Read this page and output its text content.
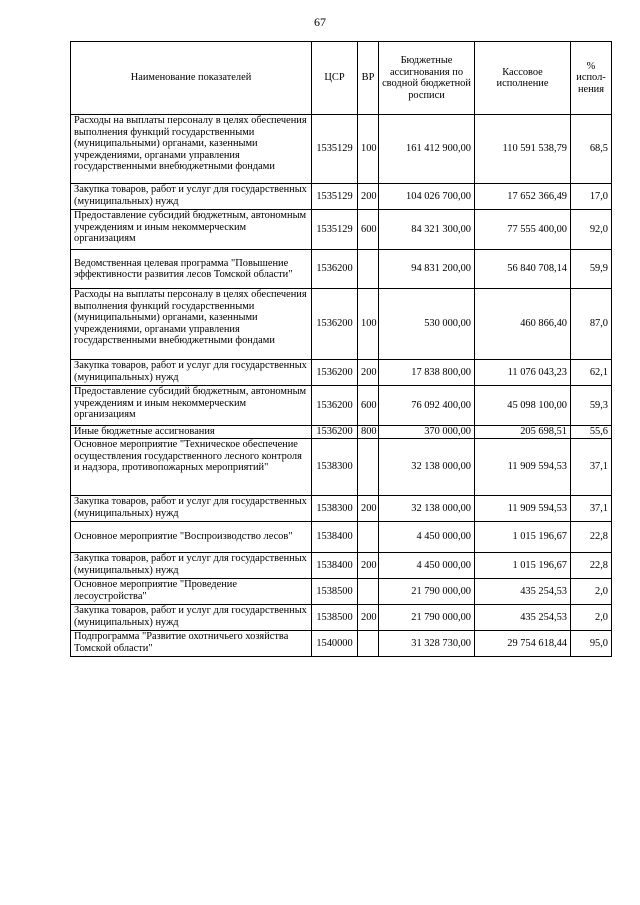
67
Наименование показателей	ЦСР	ВР	Бюджетные ассигнования по сводной бюджетной росписи	Кассовое исполнение	% испол-нения
Расходы на выплаты персоналу в целях обеспечения выполнения функций государственными (муниципальными) органами, казенными учреждениями, органами управления государственными внебюджетными фондами	1535129	100	161 412 900,00	110 591 538,79	68,5
Закупка товаров, работ и услуг для государственных (муниципальных) нужд	1535129	200	104 026 700,00	17 652 366,49	17,0
Предоставление субсидий бюджетным, автономным учреждениям и иным некоммерческим организациям	1535129	600	84 321 300,00	77 555 400,00	92,0
Ведомственная целевая программа "Повышение эффективности развития лесов Томской области"	1536200		94 831 200,00	56 840 708,14	59,9
Расходы на выплаты персоналу в целях обеспечения выполнения функций государственными (муниципальными) органами, казенными учреждениями, органами управления государственными внебюджетными фондами	1536200	100	530 000,00	460 866,40	87,0
Закупка товаров, работ и услуг для государственных (муниципальных) нужд	1536200	200	17 838 800,00	11 076 043,23	62,1
Предоставление субсидий бюджетным, автономным учреждениям и иным некоммерческим организациям	1536200	600	76 092 400,00	45 098 100,00	59,3
Иные бюджетные ассигнования	1536200	800	370 000,00	205 698,51	55,6
Основное мероприятие "Техническое обеспечение осуществления государственного лесного контроля и надзора, противопожарных мероприятий"	1538300		32 138 000,00	11 909 594,53	37,1
Закупка товаров, работ и услуг для государственных (муниципальных) нужд	1538300	200	32 138 000,00	11 909 594,53	37,1
Основное мероприятие "Воспроизводство лесов"	1538400		4 450 000,00	1 015 196,67	22,8
Закупка товаров, работ и услуг для государственных (муниципальных) нужд	1538400	200	4 450 000,00	1 015 196,67	22,8
Основное мероприятие "Проведение лесоустройства"	1538500		21 790 000,00	435 254,53	2,0
Закупка товаров, работ и услуг для государственных (муниципальных) нужд	1538500	200	21 790 000,00	435 254,53	2,0
Подпрограмма "Развитие охотничьего хозяйства Томской области"	1540000		31 328 730,00	29 754 618,44	95,0
